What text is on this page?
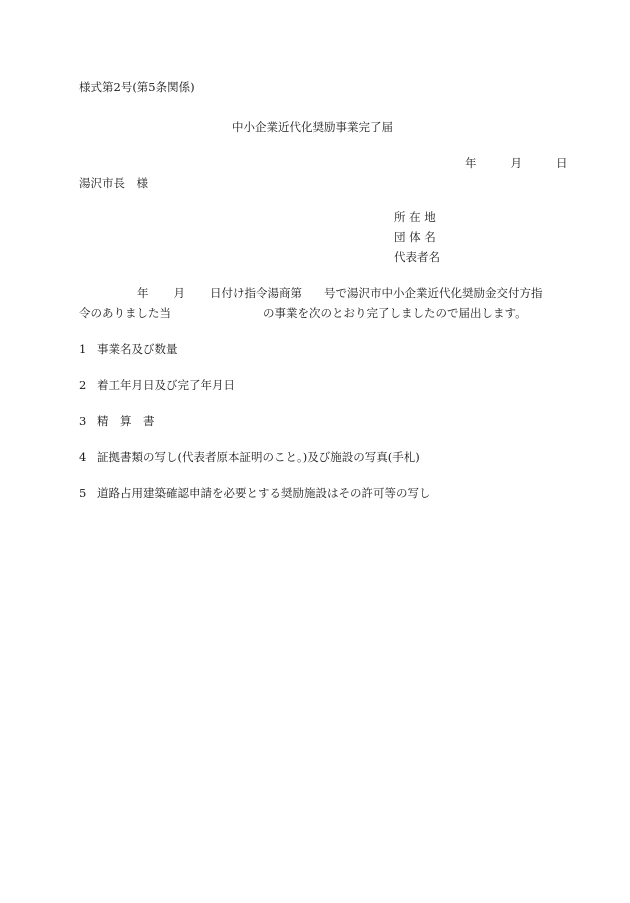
様式第2号(第5条関係)
中小企業近代化奨励事業完了届
年	月	日
湯沢市長　様
所 在 地
団 体 名
代表者名
年 月 日付け指令湯商第 号で湯沢市中小企業近代化奨励金交付方指
令のありました当	の事業を次のとおり完了しましたので届出します。
1 事業名及び数量
2 着工年月日及び完了年月日
3 精　算　書
4 証拠書類の写し(代表者原本証明のこと。)及び施設の写真(手札)
5 道路占用建築確認申請を必要とする奨励施設はその許可等の写し
